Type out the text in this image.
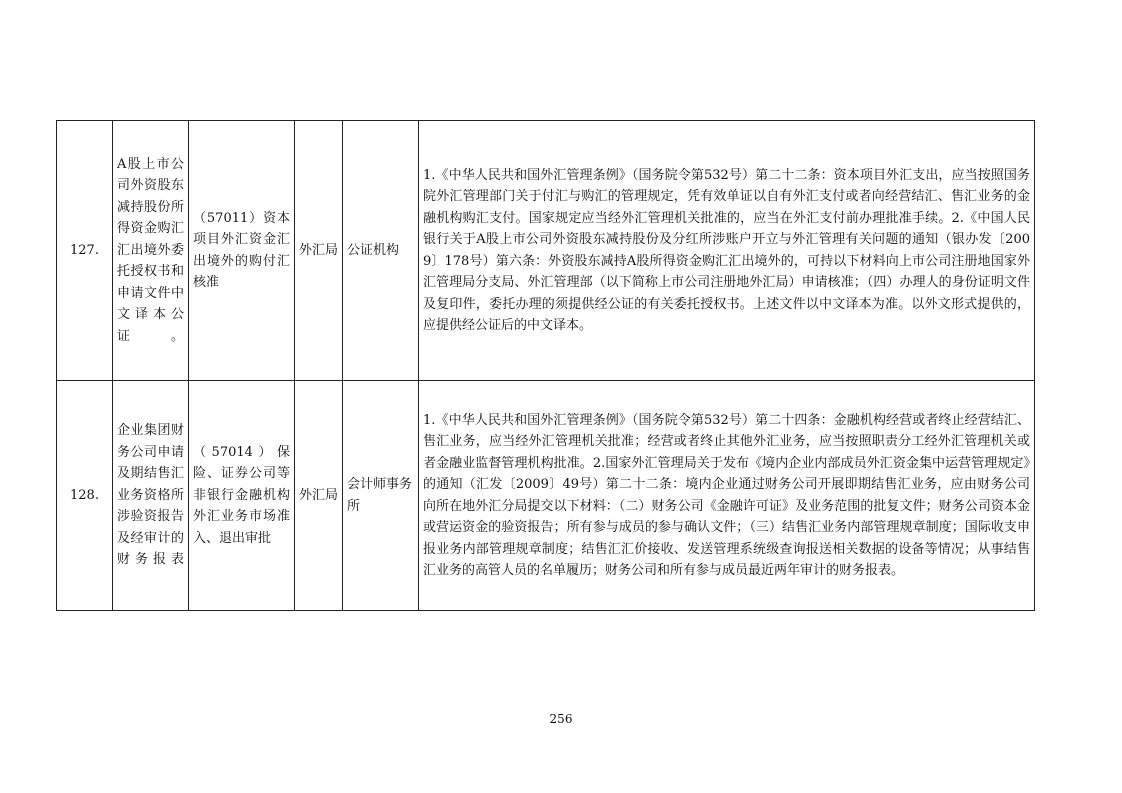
127.	A股上市公司外资股东减持股份所得资金购汇汇出境外委托授权书和申请文件中文译本公证。	（57011）资本项目外汇资金汇出境外的购付汇核准	外汇局	公证机构	1.《中华人民共和国外汇管理条例》（国务院令第532号）第二十二条：资本项目外汇支出，应当按照国务院外汇管理部门关于付汇与购汇的管理规定，凭有效单证以自有外汇支付或者向经营结汇、售汇业务的金融机构购汇支付。国家规定应当经外汇管理机关批准的，应当在外汇支付前办理批准手续。2.《中国人民银行关于A股上市公司外资股东减持股份及分红所涉账户开立与外汇管理有关问题的通知（银办发〔2009〕178号）第六条：外资股东减持A股所得资金购汇汇出境外的，可持以下材料向上市公司注册地国家外汇管理局分支局、外汇管理部（以下简称上市公司注册地外汇局）申请核准；（四）办理人的身份证明文件及复印件，委托办理的须提供经公证的有关委托授权书。上述文件以中文译本为准。以外文形式提供的，应提供经公证后的中文译本。
128.	企业集团财务公司申请及期结售汇业务资格所涉验资报告及经审计的财务报表	（57014）保险、证券公司等非银行金融机构外汇业务市场准入、退出审批	外汇局	会计师事务所	1.《中华人民共和国外汇管理条例》（国务院令第532号）第二十四条：金融机构经营或者终止经营结汇、售汇业务，应当经外汇管理机关批准；经营或者终止其他外汇业务，应当按照职责分工经外汇管理机关或者金融业监督管理机构批准。2.国家外汇管理局关于发布《境内企业内部成员外汇资金集中运营管理规定》的通知（汇发〔2009〕49号）第二十二条：境内企业通过财务公司开展即期结售汇业务，应由财务公司向所在地外汇分局提交以下材料：（二）财务公司《金融许可证》及业务范围的批复文件；财务公司资本金或营运资金的验资报告；所有参与成员的参与确认文件；（三）结售汇业务内部管理规章制度；国际收支申报业务内部管理规章制度；结售汇汇价接收、发送管理系统级查询报送相关数据的设备等情况；从事结售汇业务的高管人员的名单履历；财务公司和所有参与成员最近两年审计的财务报表。
256
